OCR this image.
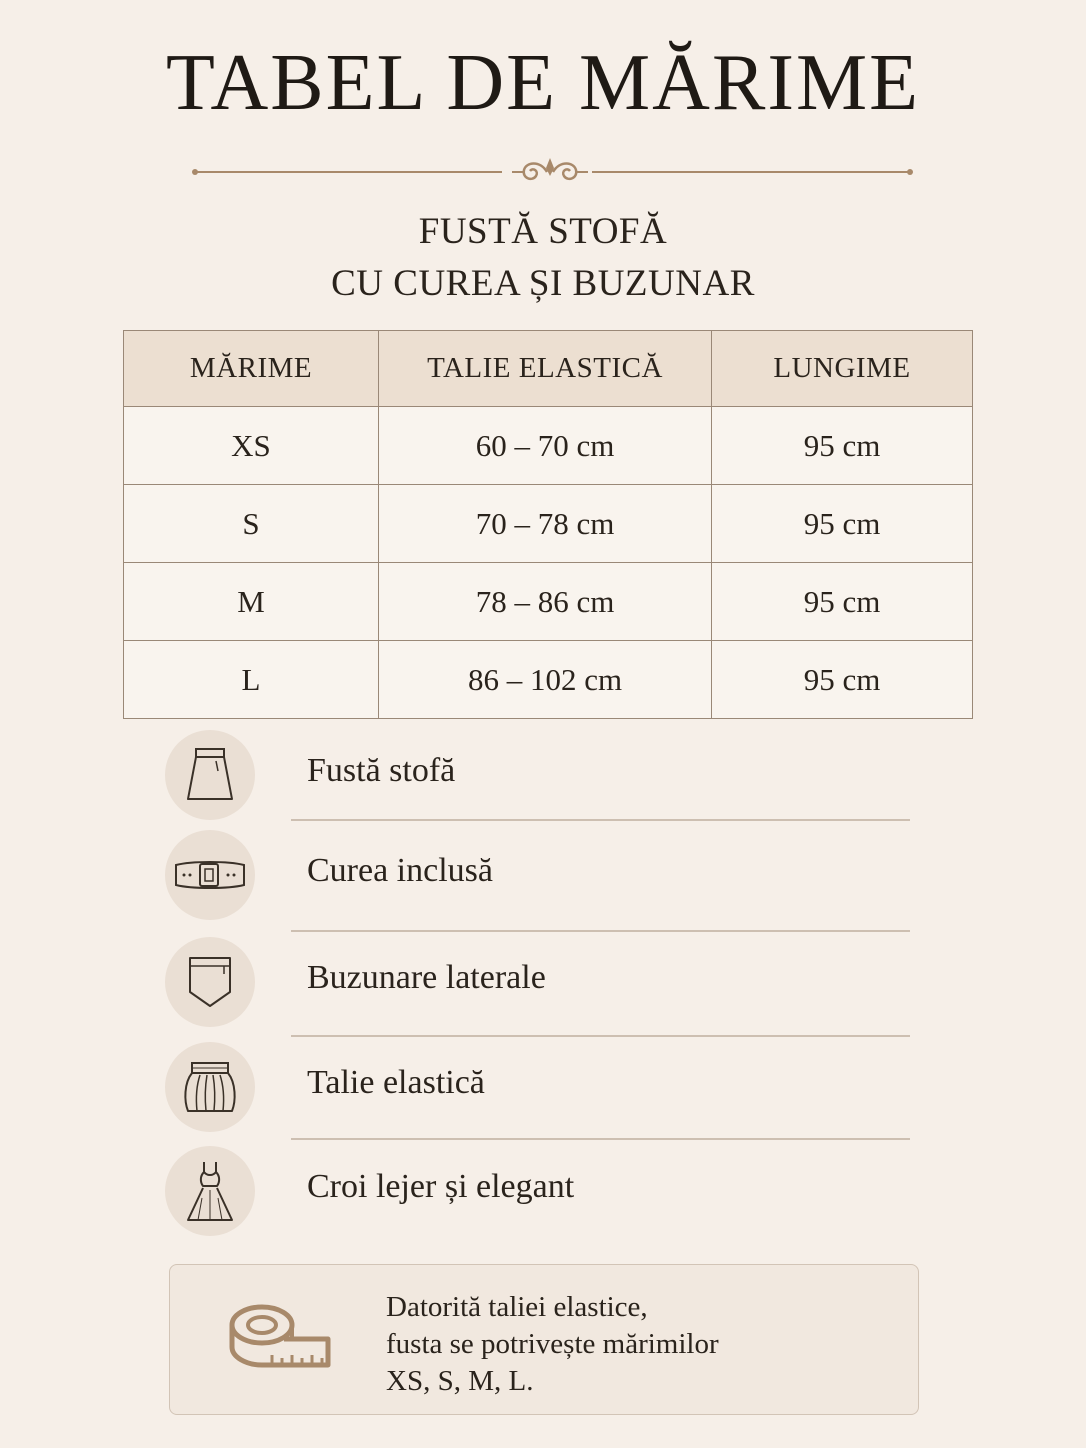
TABEL DE MĂRIME
FUSTĂ STOFĂ
CU CUREA ȘI BUZUNAR
MĂRIME	TALIE ELASTICĂ	LUNGIME
XS	60 – 70 cm	95 cm
S	70 – 78 cm	95 cm
M	78 – 86 cm	95 cm
L	86 – 102 cm	95 cm
Fustă stofă
Curea inclusă
Buzunare laterale
Talie elastică
Croi lejer și elegant
Datorită taliei elastice,
fusta se potrivește mărimilor
XS, S, M, L.
